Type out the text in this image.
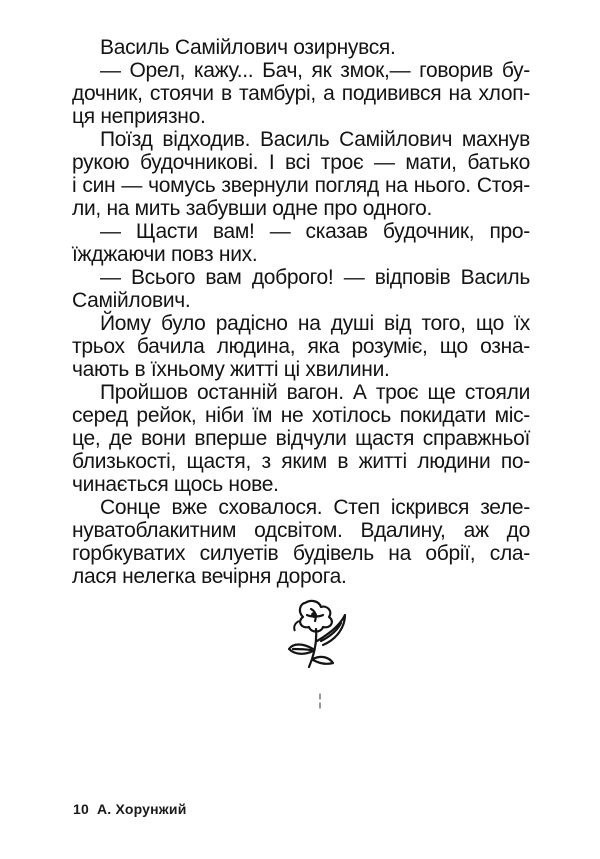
Василь Самійлович озирнувся.

— Орел, кажу... Бач, як змок,— говорив бу-
дочник, стоячи в тамбурі, а подивився на хлоп-
ця неприязно.

Поїзд відходив. Василь Самійлович махнув
рукою будочникові. І всі троє — мати, батько
і син — чомусь звернули погляд на нього. Стоя-
ли, на мить забувши одне про одного.

— Щасти вам! — сказав будочник, про-
їжджаючи повз них.

— Всього вам доброго! — відповів Василь
Самійлович.

Йому було радісно на душі від того, що їх
трьох бачила людина, яка розуміє, що озна-
чають в їхньому житті ці хвилини.

Пройшов останній вагон. А троє ще стояли
серед рейок, ніби їм не хотілось покидати міс-
це, де вони вперше відчули щастя справжньої
близькості, щастя, з яким в житті людини по-
чинається щось нове.

Сонце вже сховалося. Степ іскрився зеле-
нуватоблакитним одсвітом. Вдалину, аж до
горбкуватих силуетів будівель на обрії, сла-
лася нелегка вечірня дорога.

10 А. Хорунжий
